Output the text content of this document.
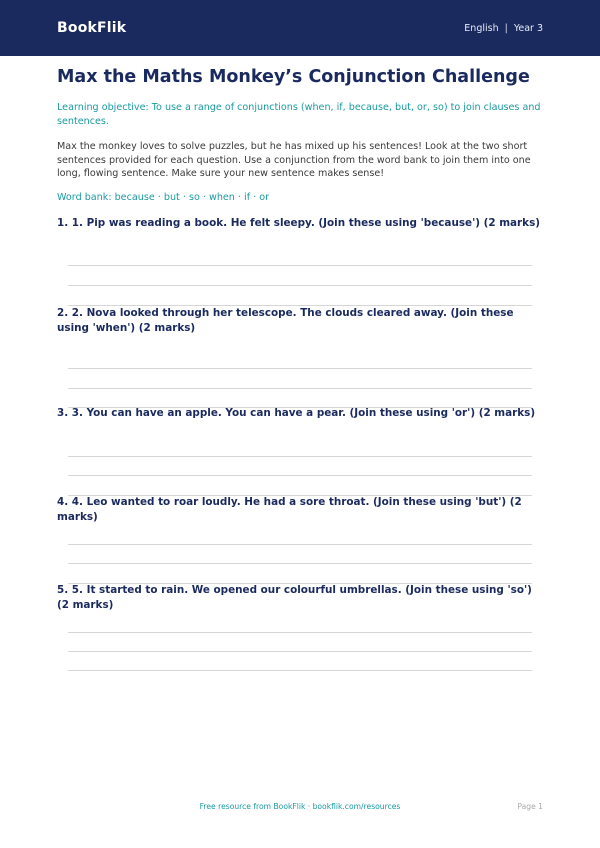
BookFlik	English | Year 3
Max the Maths Monkey’s Conjunction Challenge

Learning objective: To use a range of conjunctions (when, if, because, but, or, so) to join clauses and sentences.

Max the monkey loves to solve puzzles, but he has mixed up his sentences! Look at the two short sentences provided for each question. Use a conjunction from the word bank to join them into one long, flowing sentence. Make sure your new sentence makes sense!

Word bank: because · but · so · when · if · or

1. 1. Pip was reading a book. He felt sleepy. (Join these using 'because') (2 marks)
2. 2. Nova looked through her telescope. The clouds cleared away. (Join these using 'when') (2 marks)
3. 3. You can have an apple. You can have a pear. (Join these using 'or') (2 marks)
4. 4. Leo wanted to roar loudly. He had a sore throat. (Join these using 'but') (2 marks)
5. 5. It started to rain. We opened our colourful umbrellas. (Join these using 'so') (2 marks)
Free resource from BookFlik · bookflik.com/resources	Page 1
